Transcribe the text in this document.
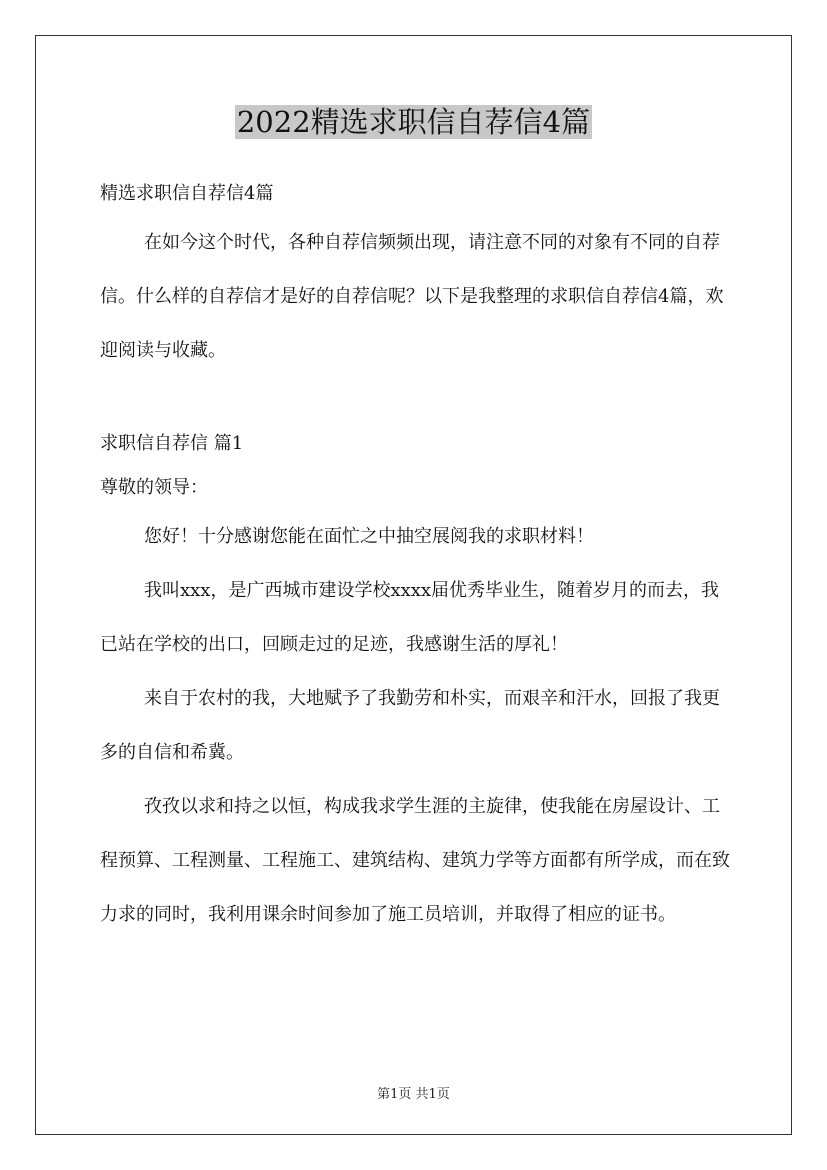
2022精选求职信自荐信4篇

精选求职信自荐信4篇

在如今这个时代，各种自荐信频频出现，请注意不同的对象有不同的自荐信。什么样的自荐信才是好的自荐信呢？以下是我整理的求职信自荐信4篇，欢迎阅读与收藏。

求职信自荐信 篇1

尊敬的领导：

您好！十分感谢您能在面忙之中抽空展阅我的求职材料！

我叫xxx，是广西城市建设学校xxxx届优秀毕业生，随着岁月的而去，我已站在学校的出口，回顾走过的足迹，我感谢生活的厚礼！

来自于农村的我，大地赋予了我勤劳和朴实，而艰辛和汗水，回报了我更多的自信和希冀。

孜孜以求和持之以恒，构成我求学生涯的主旋律，使我能在房屋设计、工程预算、工程测量、工程施工、建筑结构、建筑力学等方面都有所学成，而在致力求的同时，我利用课余时间参加了施工员培训，并取得了相应的证书。

第1页 共1页
